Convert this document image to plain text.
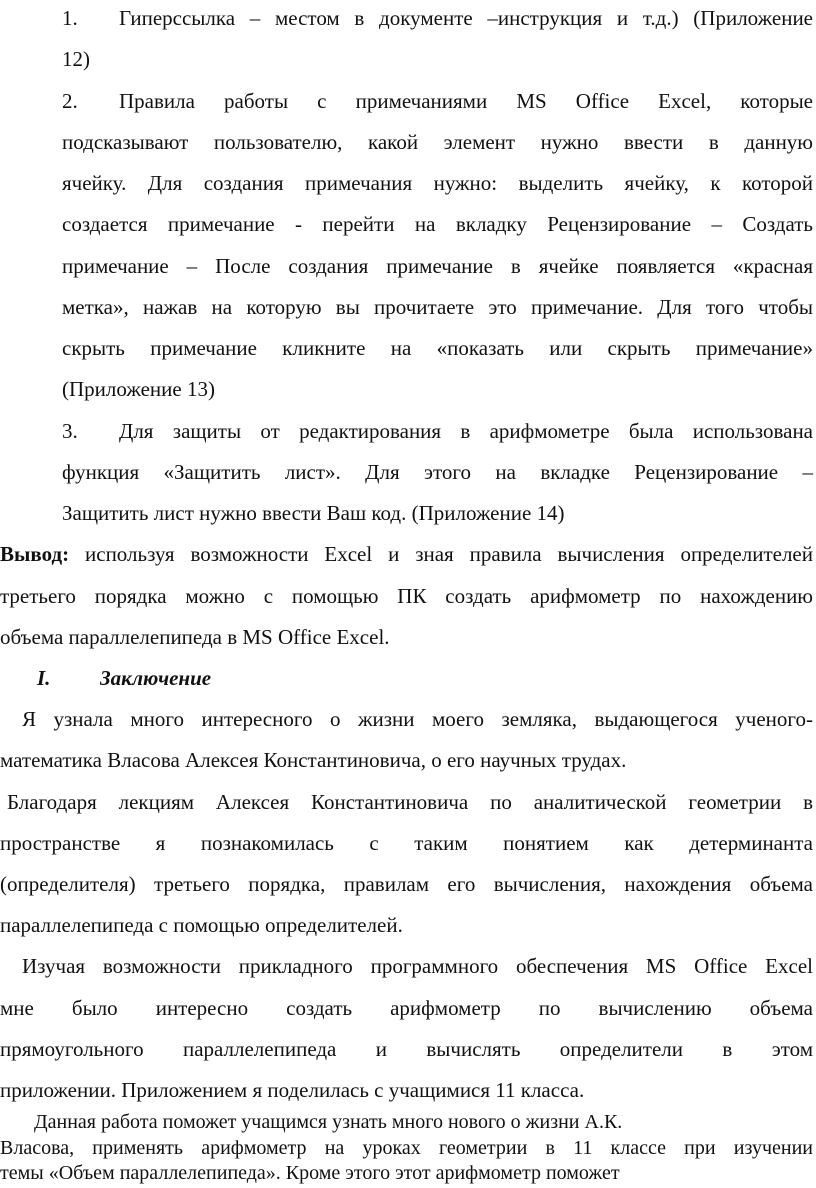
1. Гиперссылка – местом в документе –инструкция и т.д.) (Приложение
12)
2. Правила работы с примечаниями MS Office Excel, которые
подсказывают пользователю, какой элемент нужно ввести в данную
ячейку. Для создания примечания нужно: выделить ячейку, к которой
создается примечание - перейти на вкладку Рецензирование – Создать
примечание – После создания примечание в ячейке появляется «красная
метка», нажав на которую вы прочитаете это примечание. Для того чтобы
скрыть примечание кликните на «показать или скрыть примечание»
(Приложение 13)
3. Для защиты от редактирования в арифмометре была использована
функция «Защитить лист». Для этого на вкладке Рецензирование –
Защитить лист нужно ввести Ваш код. (Приложение 14)
Вывод: используя возможности Excel и зная правила вычисления определителей
третьего порядка можно с помощью ПК создать арифмометр по нахождению
объема параллелепипеда в MS Office Excel.
I. Заключение
Я узнала много интересного о жизни моего земляка, выдающегося ученого-
математика Власова Алексея Константиновича, о его научных трудах.
Благодаря лекциям Алексея Константиновича по аналитической геометрии в
пространстве я познакомилась с таким понятием как детерминанта
(определителя) третьего порядка, правилам его вычисления, нахождения объема
параллелепипеда с помощью определителей.
Изучая возможности прикладного программного обеспечения MS Office Excel
мне было интересно создать арифмометр по вычислению объема
прямоугольного параллелепипеда и вычислять определители в этом
приложении. Приложением я поделилась с учащимися 11 класса.
Данная работа поможет учащимся узнать много нового о жизни А.К.
Власова, применять арифмометр на уроках геометрии в 11 классе при изучении
темы «Объем параллелепипеда». Кроме этого этот арифмометр поможет
